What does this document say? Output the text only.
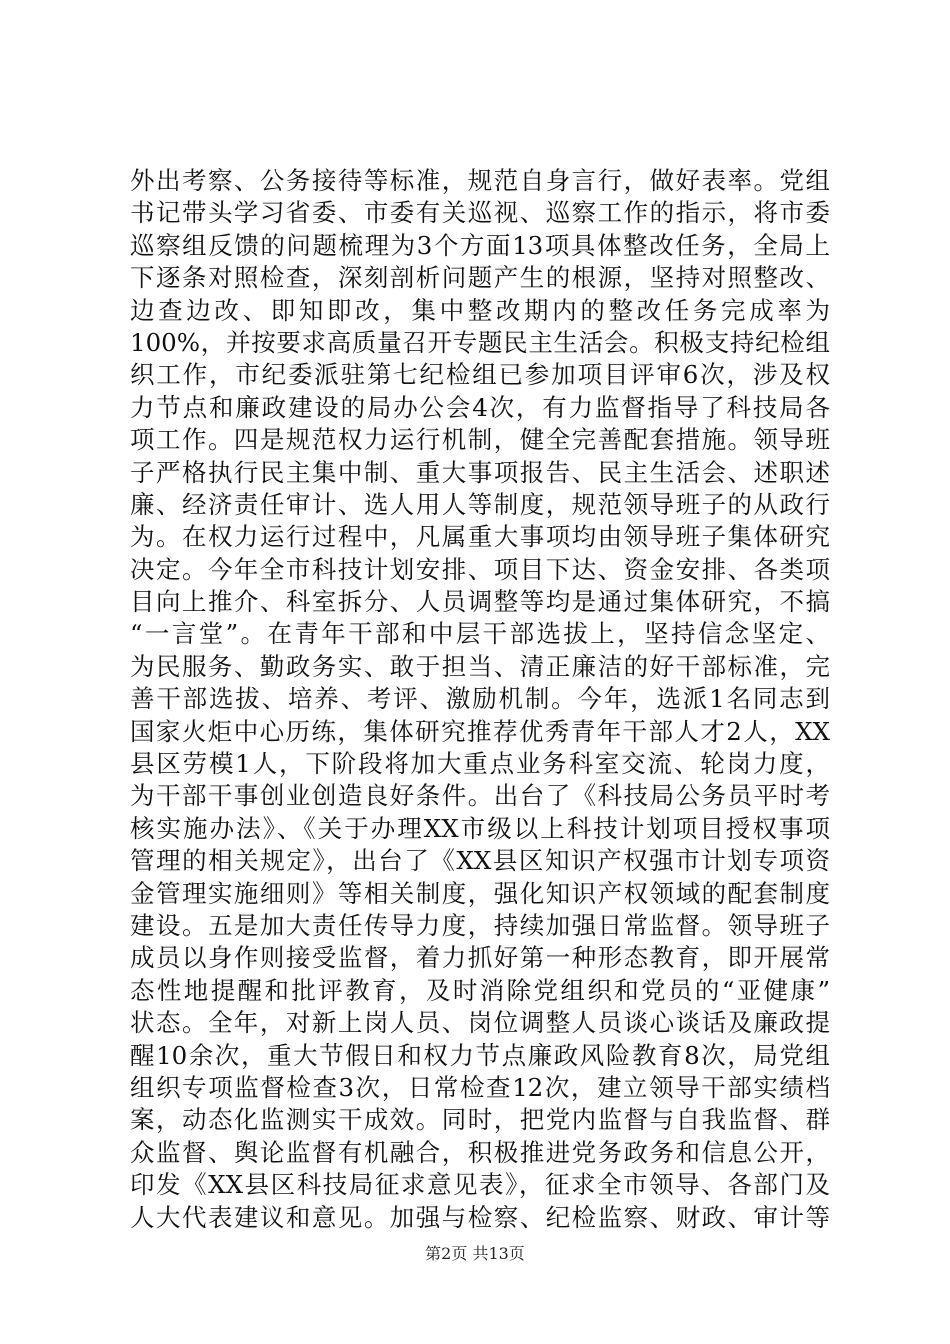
外出考察、公务接待等标准，规范自身言行，做好表率。党组
书记带头学习省委、市委有关巡视、巡察工作的指示，将市委
巡察组反馈的问题梳理为3个方面13项具体整改任务，全局上
下逐条对照检查，深刻剖析问题产生的根源，坚持对照整改、
边查边改、即知即改，集中整改期内的整改任务完成率为
100%，并按要求高质量召开专题民主生活会。积极支持纪检组
织工作，市纪委派驻第七纪检组已参加项目评审6次，涉及权
力节点和廉政建设的局办公会4次，有力监督指导了科技局各
项工作。四是规范权力运行机制，健全完善配套措施。领导班
子严格执行民主集中制、重大事项报告、民主生活会、述职述
廉、经济责任审计、选人用人等制度，规范领导班子的从政行
为。在权力运行过程中，凡属重大事项均由领导班子集体研究
决定。今年全市科技计划安排、项目下达、资金安排、各类项
目向上推介、科室拆分、人员调整等均是通过集体研究，不搞
“一言堂”。在青年干部和中层干部选拔上，坚持信念坚定、
为民服务、勤政务实、敢于担当、清正廉洁的好干部标准，完
善干部选拔、培养、考评、激励机制。今年，选派1名同志到
国家火炬中心历练，集体研究推荐优秀青年干部人才2人，XX
县区劳模1人，下阶段将加大重点业务科室交流、轮岗力度，
为干部干事创业创造良好条件。出台了《科技局公务员平时考
核实施办法》、《关于办理XX市级以上科技计划项目授权事项
管理的相关规定》，出台了《XX县区知识产权强市计划专项资
金管理实施细则》等相关制度，强化知识产权领域的配套制度
建设。五是加大责任传导力度，持续加强日常监督。领导班子
成员以身作则接受监督，着力抓好第一种形态教育，即开展常
态性地提醒和批评教育，及时消除党组织和党员的“亚健康”
状态。全年，对新上岗人员、岗位调整人员谈心谈话及廉政提
醒10余次，重大节假日和权力节点廉政风险教育8次，局党组
组织专项监督检查3次，日常检查12次，建立领导干部实绩档
案，动态化监测实干成效。同时，把党内监督与自我监督、群
众监督、舆论监督有机融合，积极推进党务政务和信息公开，
印发《XX县区科技局征求意见表》，征求全市领导、各部门及
人大代表建议和意见。加强与检察、纪检监察、财政、审计等
第2页 共13页
